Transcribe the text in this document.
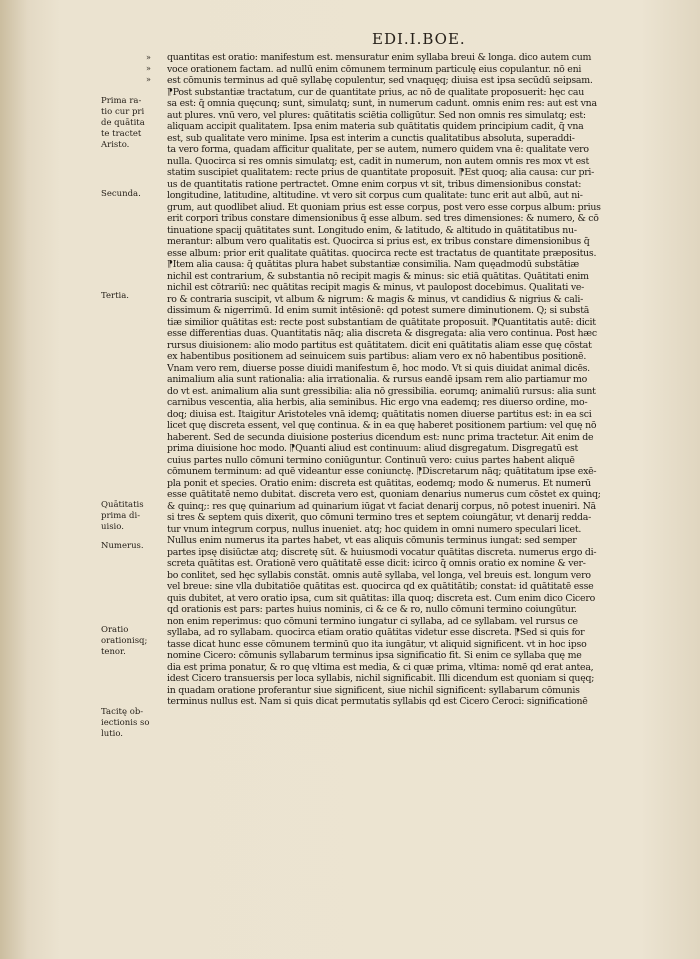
EDI.I.BOE.
»
»
»
Prima ra-
tio cur pri
de quātita
te tractet
Aristo.
Secunda.
Tertia.
Quātitatis
prima di-
uisio.
Numerus.
Oratio
orationisq;
tenor.
Tacitę ob-
iectionis so
lutio.
quantitas est oratio: manifestum est. mensuratur enim syllaba breui & longa. dico autem cum
voce orationem factam. ad nullū enim cōmunem terminum particulę eius copulantur. nō eni
est cōmunis terminus ad quē syllabę copulentur, sed vnaquęq; diuisa est ipsa secūdū seipsam.
⁋Post substantiæ tractatum, cur de quantitate prius, ac nō de qualitate proposuerit: hęc cau
sa est: q̄ omnia quęcunq; sunt, simulatq; sunt, in numerum cadunt. omnis enim res: aut est vna
aut plures. vnū vero, vel plures: quātitatis sciētia colligūtur. Sed non omnis res simulatq; est:
aliquam accipit qualitatem. Ipsa enim materia sub quātitatis quidem principium cadit, q̄ vna
est, sub qualitate vero minime. Ipsa est interim a cunctis qualitatibus absoluta, superaddi-
ta vero forma, quadam afficitur qualitate, per se autem, numero quidem vna ē: qualitate vero
nulla. Quocirca si res omnis simulatq; est, cadit in numerum, non autem omnis res mox vt est
statim suscipiet qualitatem: recte prius de quantitate proposuit. ⁋Est quoq; alia causa: cur pri-
us de quantitatis ratione pertractet. Omne enim corpus vt sit, tribus dimensionibus constat:
longitudine, latitudine, altitudine. vt vero sit corpus cum qualitate: tunc erit aut albū, aut ni-
grum, aut quodlibet aliud. Et quoniam prius est esse corpus, post vero esse corpus album: prius
erit corpori tribus constare dimensionibus q̄ esse album. sed tres dimensiones: & numero, & cō
tinuatione spacij quātitates sunt. Longitudo enim, & latitudo, & altitudo in quātitatibus nu-
merantur: album vero qualitatis est. Quocirca si prius est, ex tribus constare dimensionibus q̄
esse album: prior erit qualitate quātitas. quocirca recte est tractatus de quantitate præpositus.
⁋Item alia causa: q̄ quātitas plura habet substantiæ consimilia. Nam quęadmodū substātiæ
nichil est contrarium, & substantia nō recipit magis & minus: sic etiā quātitas. Quātitati enim
nichil est cōtrariū: nec quātitas recipit magis & minus, vt paulopost docebimus. Qualitati ve-
ro & contraria suscipit, vt album & nigrum: & magis & minus, vt candidius & nigrius & cali-
dissimum & nigerrimū. Id enim sumit intēsionē: qd potest sumere diminutionem. Q; si substā
tiæ similior quātitas est: recte post substantiam de quātitate proposuit. ⁋Quantitatis autē: dicit
esse differentias duas. Quantitatis nāq; alia discreta & disgregata: alia vero continua. Post hæc
rursus diuisionem: alio modo partitus est quātitatem. dicit eni quātitatis aliam esse quę cōstat
ex habentibus positionem ad seinuicem suis partibus: aliam vero ex nō habentibus positionē.
Vnam vero rem, diuerse posse diuidi manifestum ē, hoc modo. Vt si quis diuidat animal dicēs.
animalium alia sunt rationalia: alia irrationalia. & rursus eandē ipsam rem alio partiamur mo
do vt est. animalium alia sunt gressibilia: alia nō gressibilia. eorumq; animaliū rursus: alia sunt
carnibus vescentia, alia herbis, alia seminibus. Hic ergo vna eademq; res diuerso ordine, mo-
doq; diuisa est. Itaigitur Aristoteles vnā idemq; quātitatis nomen diuerse partitus est: in ea sci
licet quę discreta essent, vel quę continua. & in ea quę haberet positionem partium: vel quę nō
haberent. Sed de secunda diuisione posterius dicendum est: nunc prima tractetur. Ait enim de
prima diuisione hoc modo. ⁋Quanti aliud est continuum: aliud disgregatum. Disgregatū est
cuius partes nullo cōmuni termino coniūguntur. Continuū vero: cuius partes habent aliquē
cōmunem terminum: ad quē videantur esse coniunctę. ⁋Discretarum nāq; quātitatum ipse exē-
pla ponit et species. Oratio enim: discreta est quātitas, eodemq; modo & numerus. Et numerū
esse quātitatē nemo dubitat. discreta vero est, quoniam denarius numerus cum cōstet ex quinq;
& quinq;: res quę quinarium ad quinarium iūgat vt faciat denarij corpus, nō potest inueniri. Nā
si tres & septem quis dixerit, quo cōmuni termino tres et septem coiungātur, vt denarij redda-
tur vnum integrum corpus, nullus inueniet. atq; hoc quidem in omni numero speculari licet.
Nullus enim numerus ita partes habet, vt eas aliquis cōmunis terminus iungat: sed semper
partes ipsę disiūctæ atq; discretę sūt. & huiusmodi vocatur quātitas discreta. numerus ergo di-
screta quātitas est. Orationē vero quātitatē esse dicit: icirco q̄ omnis oratio ex nomine & ver-
bo conlitet, sed hęc syllabis constāt. omnis autē syllaba, vel longa, vel breuis est. longum vero
vel breue: sine vlla dubitatiōe quātitas est. quocirca qd ex quātitātib; constat: id quātitatē esse
quis dubitet, at vero oratio ipsa, cum sit quātitas: illa quoq; discreta est. Cum enim dico Cicero
qd orationis est pars: partes huius nominis, ci & ce & ro, nullo cōmuni termino coiungūtur.
non enim reperimus: quo cōmuni termino iungatur ci syllaba, ad ce syllabam. vel rursus ce
syllaba, ad ro syllabam. quocirca etiam oratio quātitas videtur esse discreta. ⁋Sed si quis for
tasse dicat hunc esse cōmunem terminū quo ita iungātur, vt aliquid significent. vt in hoc ipso
nomine Cicero: cōmunis syllabarum terminus ipsa significatio fit. Si enim ce syllaba quę me
dia est prima ponatur, & ro quę vltima est media, & ci quæ prima, vltima: nomē qd erat antea,
idest Cicero transuersis per loca syllabis, nichil significabit. Illi dicendum est quoniam si quęq;
in quadam oratione proferantur siue significent, siue nichil significent: syllabarum cōmunis
terminus nullus est. Nam si quis dicat permutatis syllabis qd est Cicero Ceroci: significationē
